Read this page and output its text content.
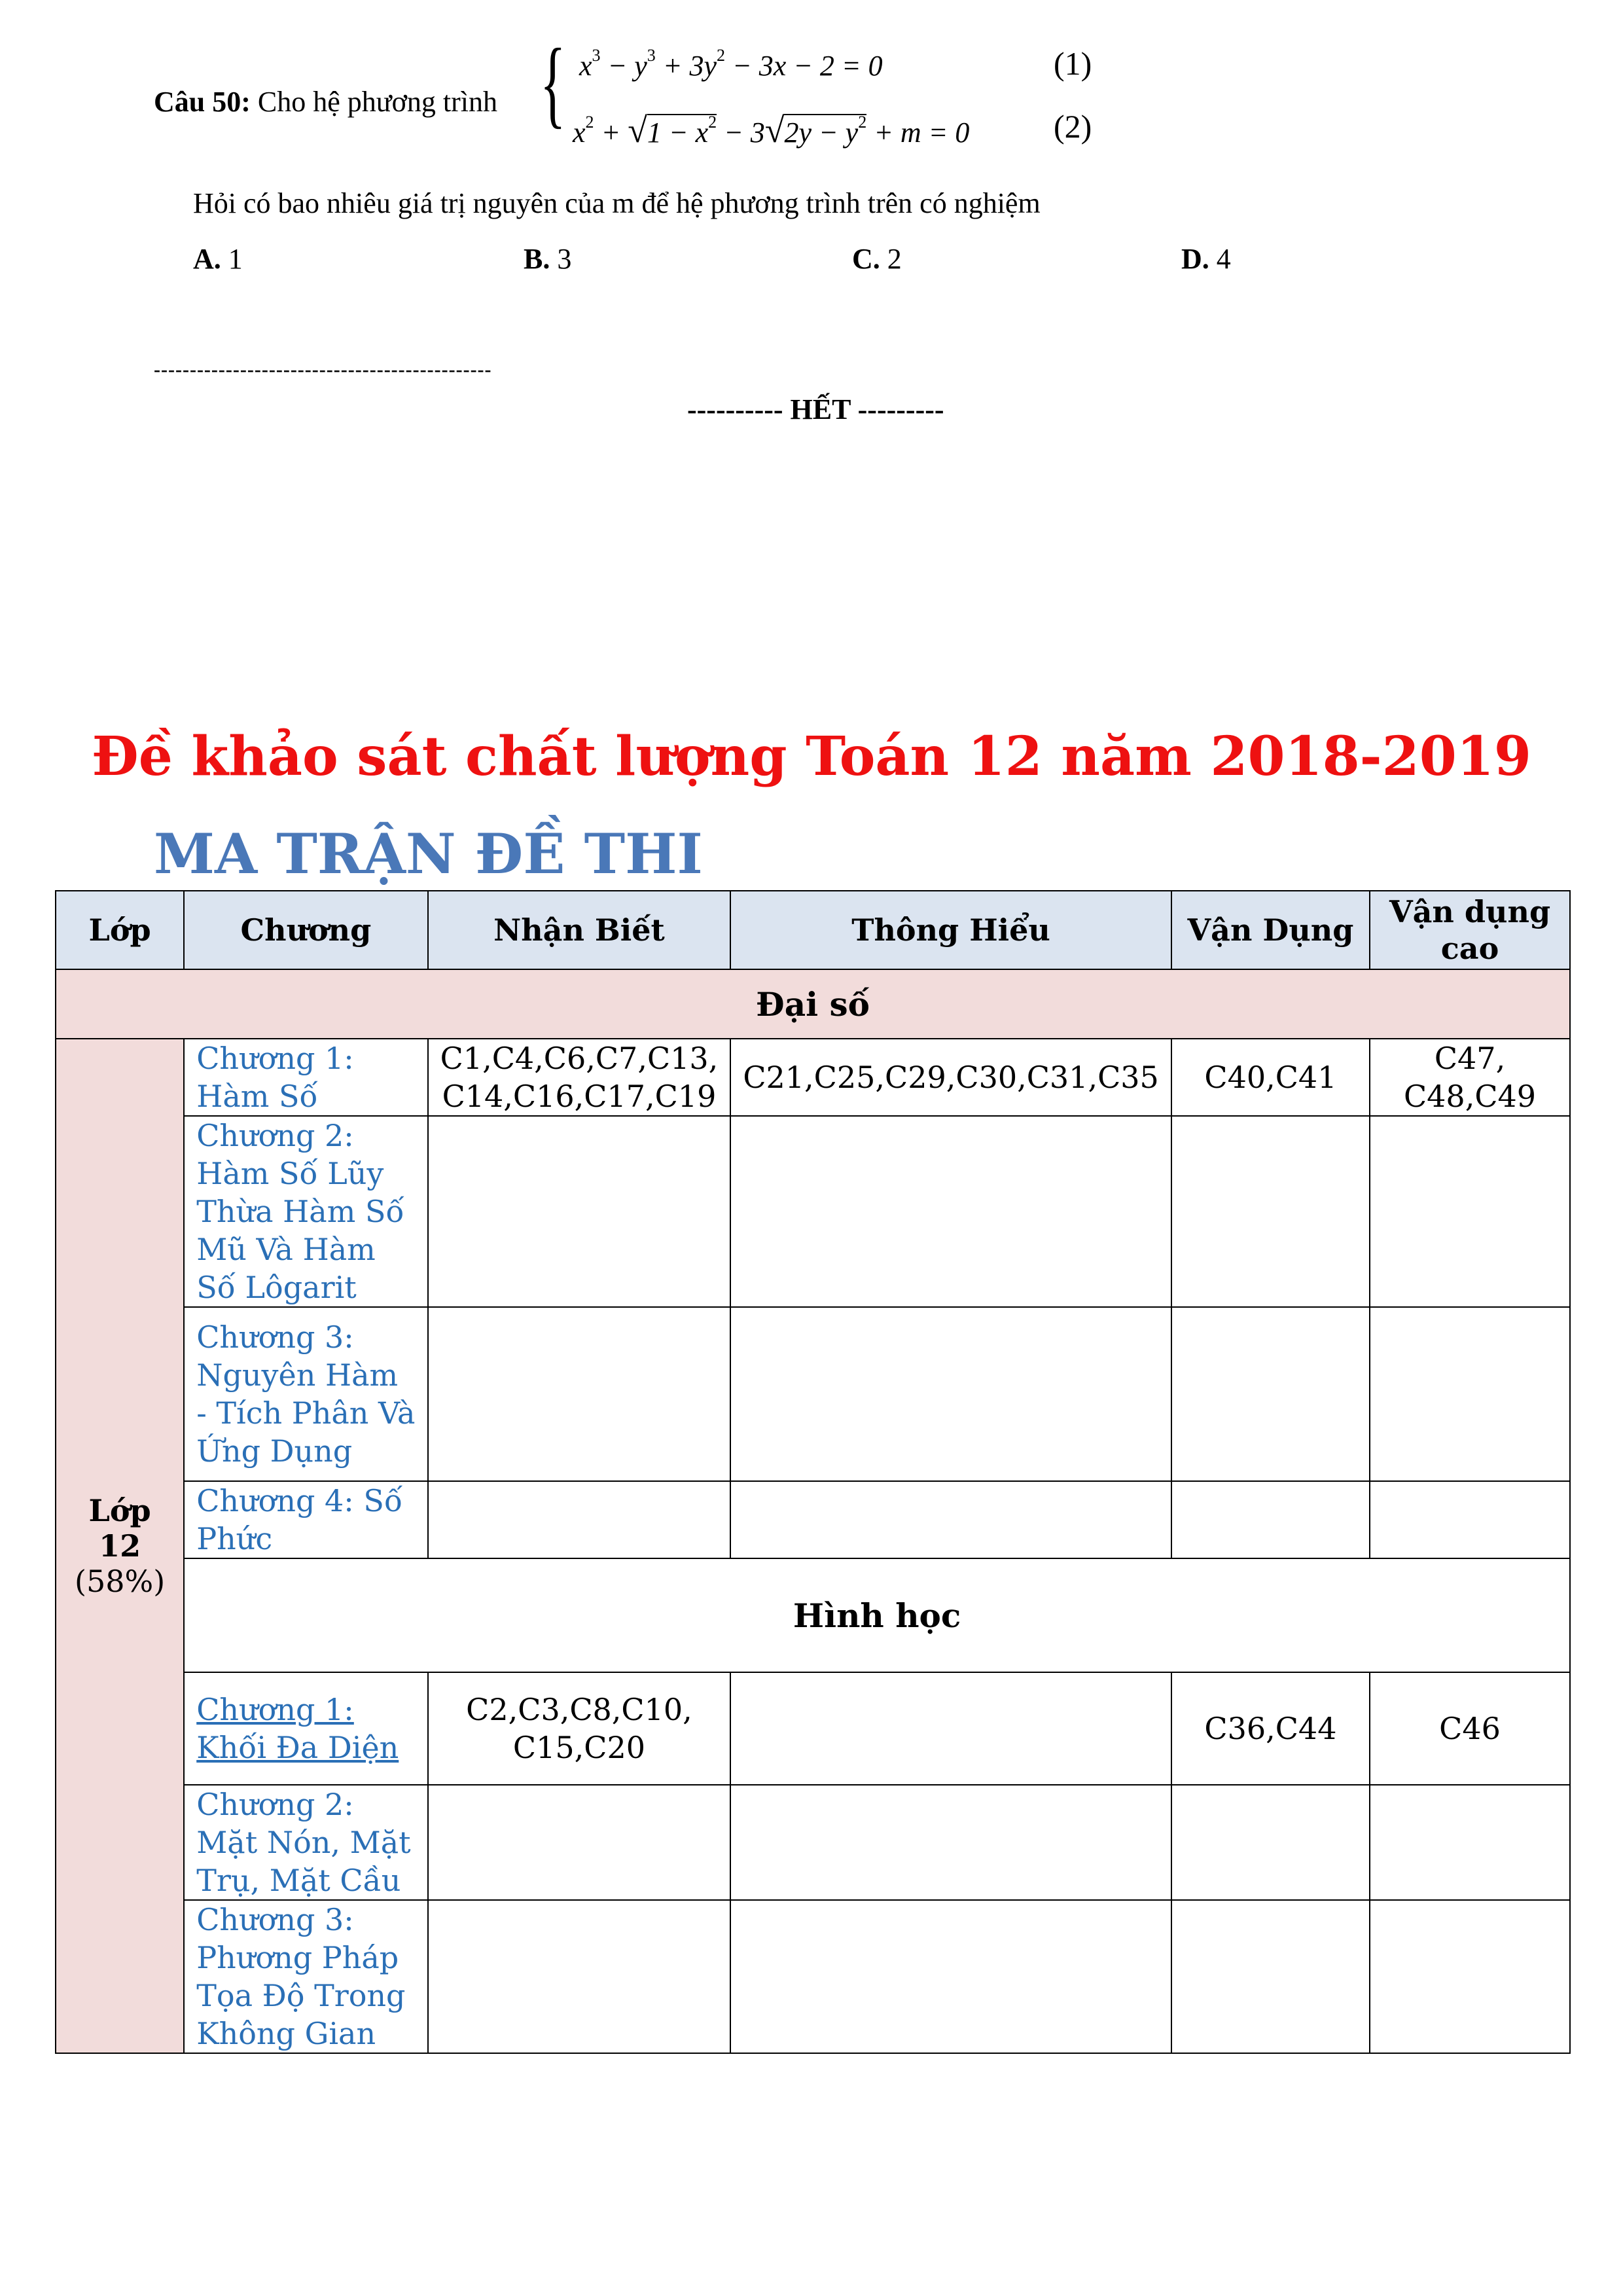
Câu 50: Cho hệ phương trình { $x^3 - y^3 + 3y^2 - 3x - 2 = 0$	(1)
$x^2 + √1 - x^2 - 3√2y - y^2 + m = 0$	(2)
Hỏi có bao nhiêu giá trị nguyên của m để hệ phương trình trên có nghiệm
A. 1	B. 3	C. 2	D. 4
-----------------------------------------------
---------- HẾT ---------
Đề khảo sát chất lượng Toán 12 năm 2018-2019
MA TRẬN ĐỀ THI
Lớp	Chương	Nhận Biết	Thông Hiểu	Vận Dụng	Vận dụng cao
Đại số					

Lớp 12
(58%)	Chương 1: Hàm Số	C1,C4,C6,C7,C13, C14,C16,C17,C19	C21,C25,C29,C30,C31,C35	C40,C41	C47, C48,C49
	Chương 2: Hàm Số Lũy Thừa Hàm Số Mũ Và Hàm Số Lôgarit				
	Chương 3: Nguyên Hàm - Tích Phân Và Ứng Dụng				
	Chương 4: Số Phức				
	Hình học				
	Chương 1: Khối Đa Diện	C2,C3,C8,C10, C15,C20		C36,C44	C46
	Chương 2: Mặt Nón, Mặt Trụ, Mặt Cầu				
	Chương 3: Phương Pháp Tọa Độ Trong Không Gian				
